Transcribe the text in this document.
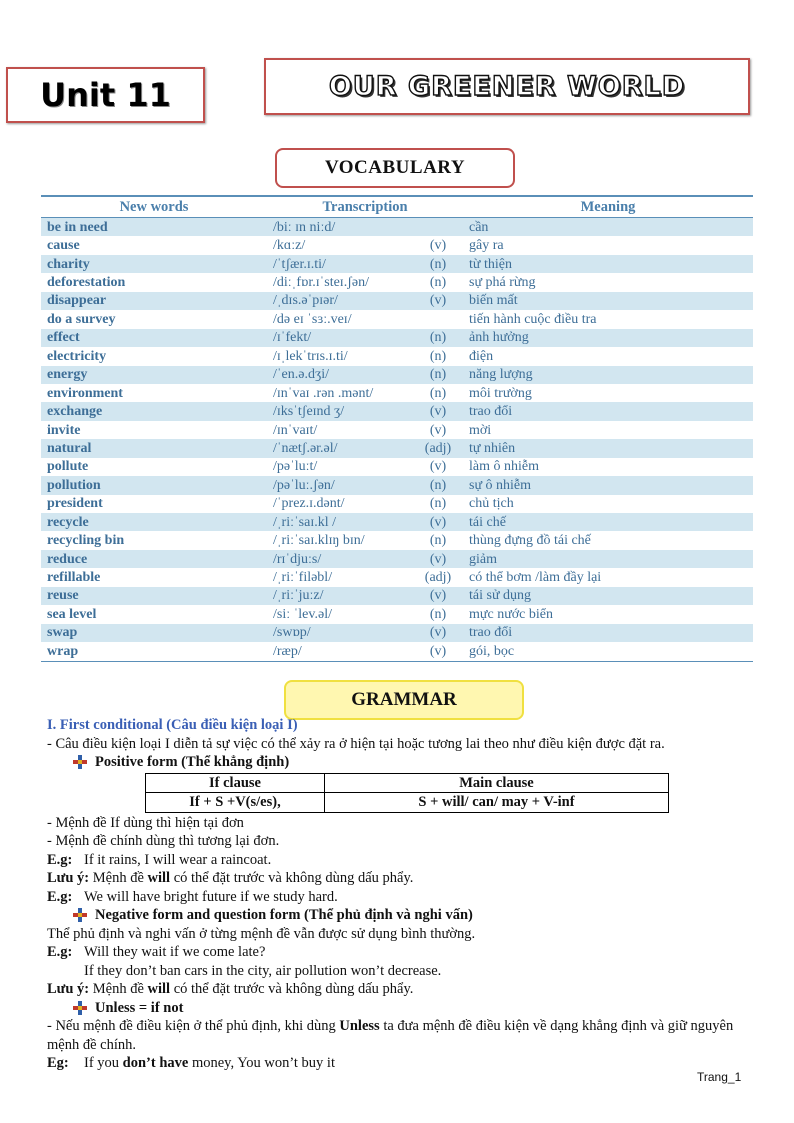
Unit 11	OUR GREENER WORLD
VOCABULARY
New words	Transcription		Meaning
be in need	/biː ɪn niːd/		cần
cause	/kɑːz/	(v)	gây ra
charity	/ˈtʃær.ɪ.ti/	(n)	từ thiện
deforestation	/diːˌfɒr.ɪˈsteɪ.ʃən/	(n)	sự phá rừng
disappear	/ˌdɪs.əˈpɪər/	(v)	biến mất
do a survey	/də eɪ ˈsɜː.veɪ/		tiến hành cuộc điều tra
effect	/ɪˈfekt/	(n)	ảnh hưởng
electricity	/ɪˌlekˈtrɪs.ɪ.ti/	(n)	điện
energy	/ˈen.ə.dʒi/	(n)	năng lượng
environment	/ɪnˈvaɪ .rən .mənt/	(n)	môi trường
exchange	/ɪksˈtʃeɪnd ʒ/	(v)	trao đổi
invite	/ɪnˈvaɪt/	(v)	mời
natural	/ˈnætʃ.ər.əl/	(adj)	tự nhiên
pollute	/pəˈluːt/	(v)	làm ô nhiễm
pollution	/pəˈluː.ʃən/	(n)	sự ô nhiễm
president	/ˈprez.ɪ.dənt/	(n)	chủ tịch
recycle	/ˌriːˈsaɪ.kl /	(v)	tái chế
recycling bin	/ˌriːˈsaɪ.klɪŋ bɪn/	(n)	thùng đựng đồ tái chế
reduce	/rɪˈdjuːs/	(v)	giảm
refillable	/ˌriːˈfiləbl/	(adj)	có thể bơm /làm đầy lại
reuse	/ˌriːˈjuːz/	(v)	tái sử dụng
sea level	/siː ˈlev.əl/	(n)	mực nước biển
swap	/swɒp/	(v)	trao đổi
wrap	/ræp/	(v)	gói, bọc
GRAMMAR

I. First conditional (Câu điều kiện loại I)

- Câu điều kiện loại I diễn tả sự việc có thể xảy ra ở hiện tại hoặc tương lai theo như điều kiện được đặt ra.

Positive form (Thể khẳng định)

If clause	Main clause
If + S +V(s/es),	S + will/ can/ may + V-inf

- Mệnh đề If dùng thì hiện tại đơn

- Mệnh đề chính dùng thì tương lại đơn.

E.g: If it rains, I will wear a raincoat.

Lưu ý: Mệnh đề will có thể đặt trước và không dùng dấu phẩy.

E.g: We will have bright future if we study hard.

Negative form and question form (Thể phủ định và nghi vấn)

Thể phủ định và nghi vấn ở từng mệnh đề vẫn được sử dụng bình thường.

E.g: Will they wait if we come late?

If they don’t ban cars in the city, air pollution won’t decrease.

Lưu ý: Mệnh đề will có thể đặt trước và không dùng dấu phẩy.

Unless = if not

- Nếu mệnh đề điều kiện ở thể phủ định, khi dùng Unless ta đưa mệnh đề điều kiện về dạng khẳng định và giữ nguyên mệnh đề chính.

Eg: If you don’t have money, You won’t buy it

Trang_1
